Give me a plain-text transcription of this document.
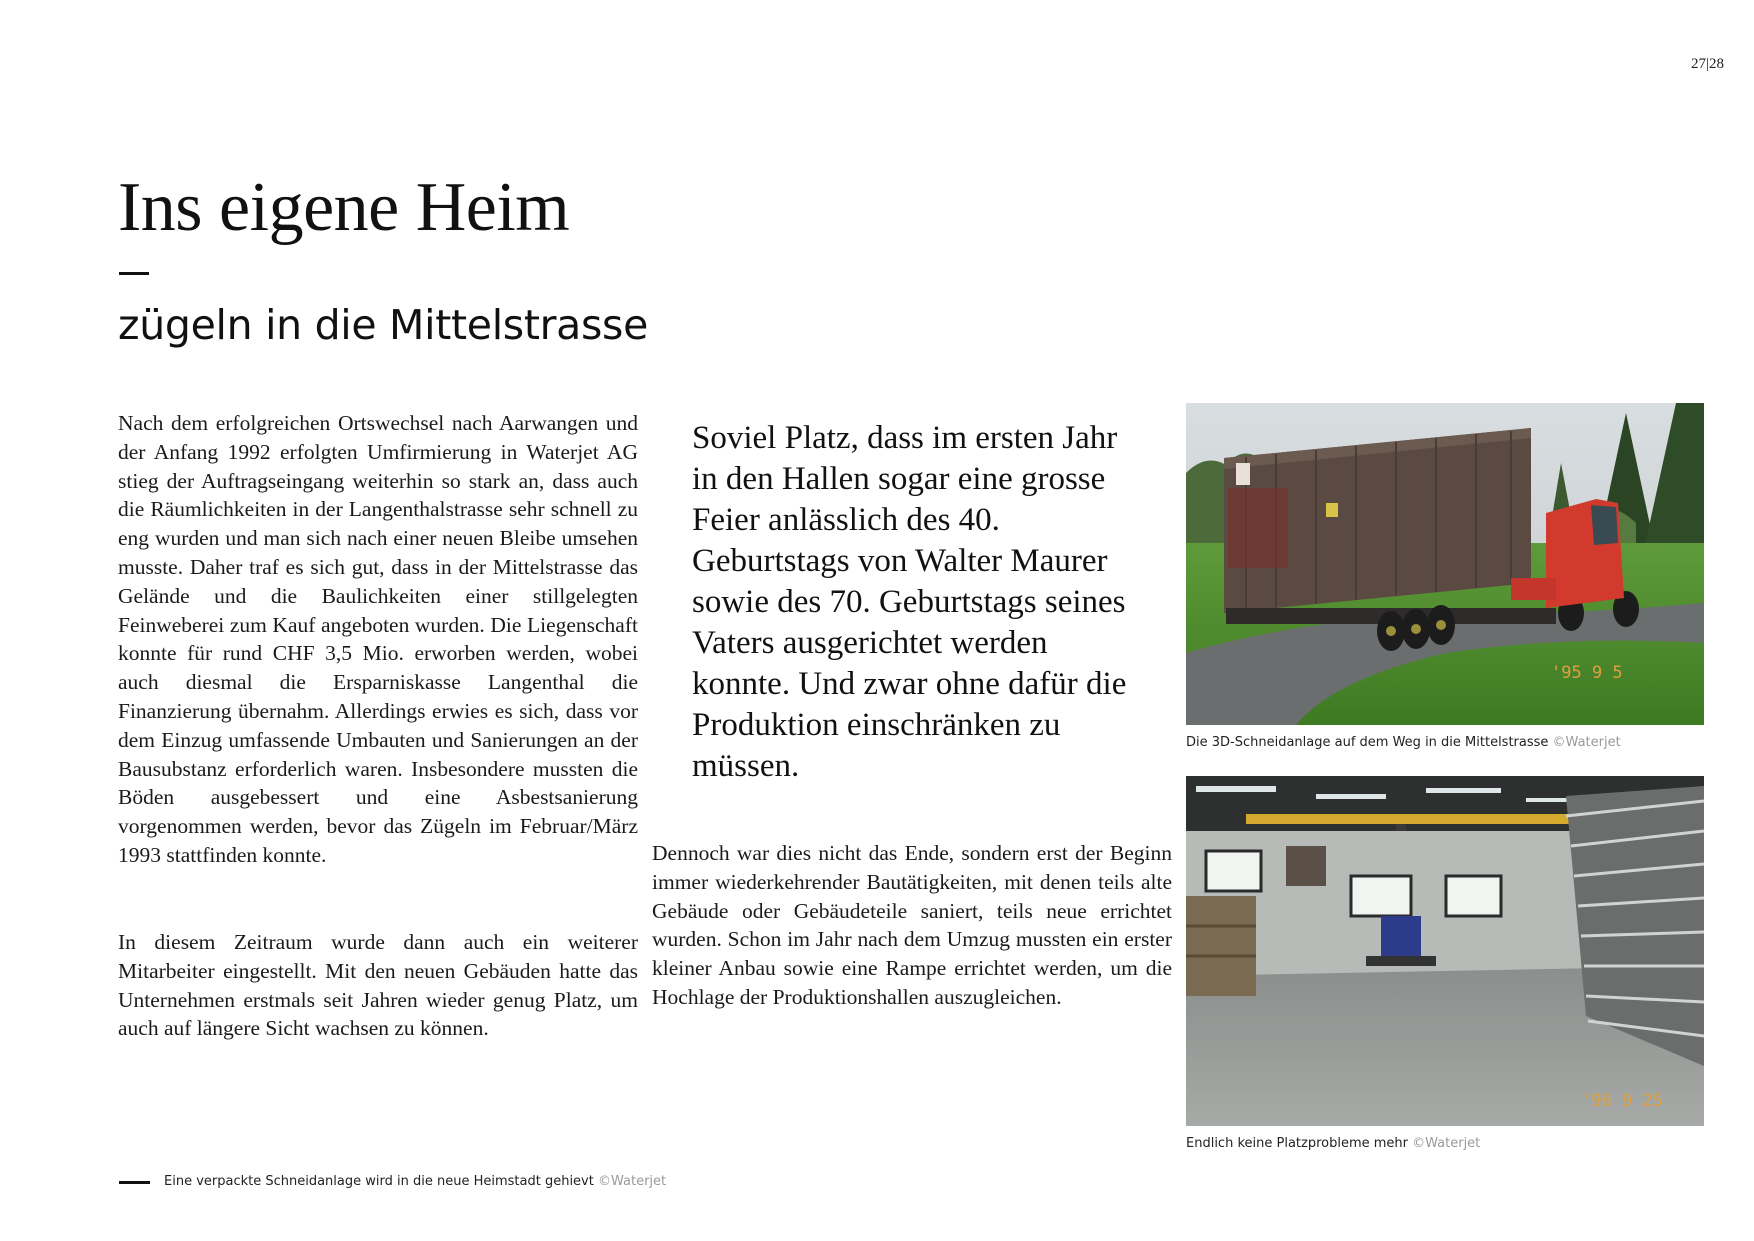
27|28
Ins eigene Heim
zügeln in die Mittelstrasse

Nach dem erfolgreichen Ortswechsel nach Aarwangen und der Anfang 1992 erfolgten Umfirmierung in Waterjet AG stieg der Auftragseingang weiterhin so stark an, dass auch die Räumlichkeiten in der Langenthalstrasse sehr schnell zu eng wurden und man sich nach einer neuen Bleibe umsehen musste. Daher traf es sich gut, dass in der Mittelstrasse das Gelände und die Baulichkeiten einer stillgelegten Feinweberei zum Kauf angeboten wurden. Die Liegenschaft konnte für rund CHF 3,5 Mio. erworben werden, wobei auch diesmal die Ersparniskasse Langenthal die Finanzierung übernahm. Allerdings erwies es sich, dass vor dem Einzug umfassende Umbauten und Sanierungen an der Bausubstanz erforderlich waren. Insbesondere mussten die Böden ausgebessert und eine Asbestsanierung vorgenommen werden, bevor das Zügeln im Februar/März 1993 stattfinden konnte.

In diesem Zeitraum wurde dann auch ein weiterer Mitarbeiter eingestellt. Mit den neuen Gebäuden hatte das Unternehmen erstmals seit Jahren wieder genug Platz, um auch auf längere Sicht wachsen zu können.

Soviel Platz, dass im ersten Jahr in den Hallen sogar eine grosse Feier anlässlich des 40. Geburtstags von Walter Maurer sowie des 70. Geburtstags seines Vaters ausgerichtet werden konnte. Und zwar ohne dafür die Produktion einschränken zu müssen.

Dennoch war dies nicht das Ende, sondern erst der Beginn immer wiederkehrender Bautätigkeiten, mit denen teils alte Gebäude oder Gebäudeteile saniert, teils neue errichtet wurden. Schon im Jahr nach dem Umzug mussten ein erster kleiner Anbau sowie eine Rampe errichtet werden, um die Hochlage der Produktionshallen auszugleichen.

'95 9 5
Die 3D-Schneidanlage auf dem Weg in die Mittelstrasse ©Waterjet
'96 9 25
Endlich keine Platzprobleme mehr ©Waterjet
Eine verpackte Schneidanlage wird in die neue Heimstadt gehievt ©Waterjet
